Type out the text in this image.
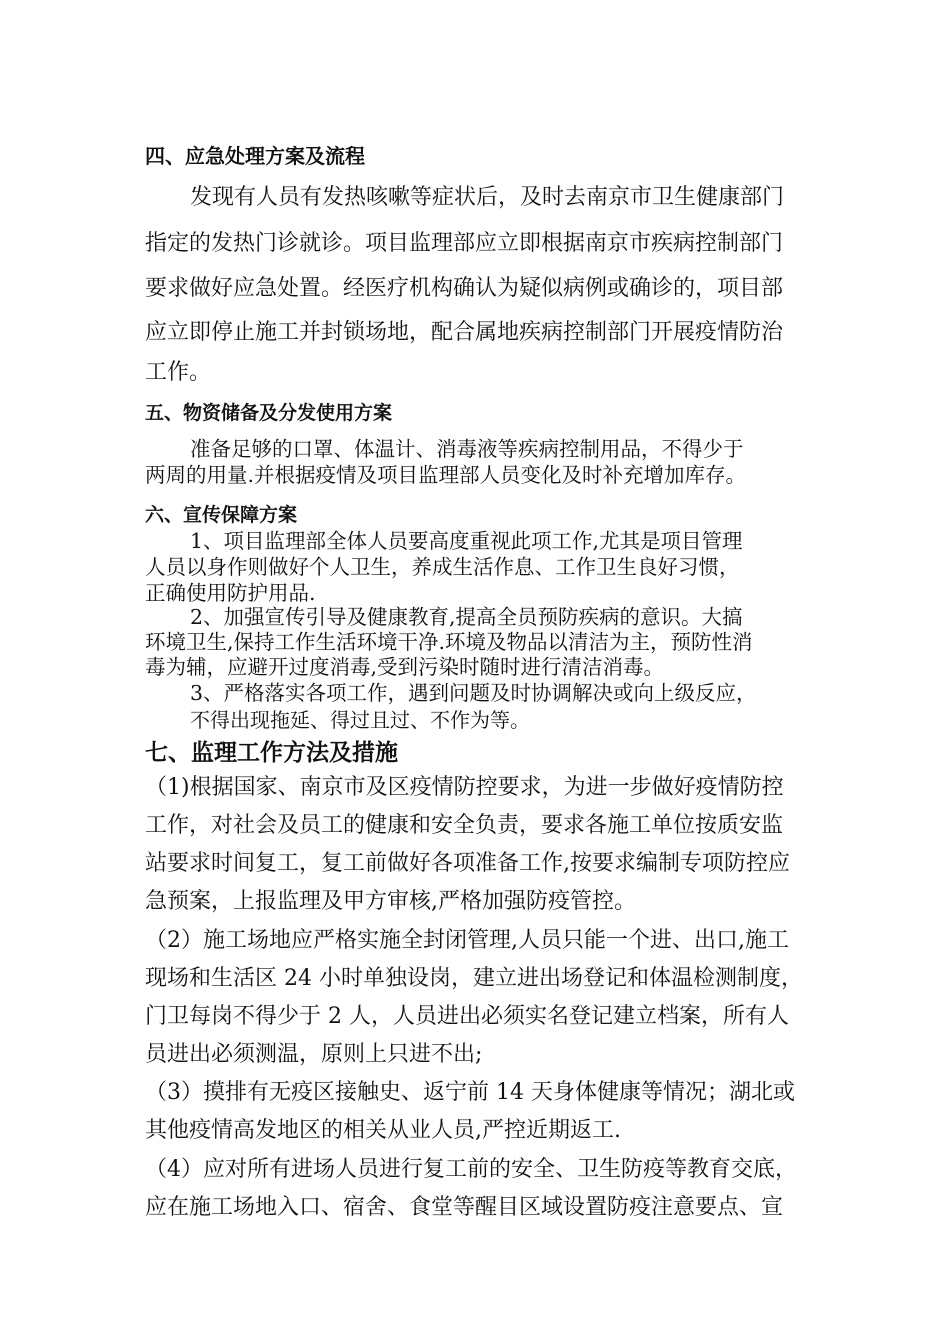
四、应急处理方案及流程
发现有人员有发热咳嗽等症状后，及时去南京市卫生健康部门
指定的发热门诊就诊。项目监理部应立即根据南京市疾病控制部门
要求做好应急处置。经医疗机构确认为疑似病例或确诊的，项目部
应立即停止施工并封锁场地，配合属地疾病控制部门开展疫情防治
工作。
五、物资储备及分发使用方案
准备足够的口罩、体温计、消毒液等疾病控制用品，不得少于
两周的用量.并根据疫情及项目监理部人员变化及时补充增加库存。
六、宣传保障方案
1、项目监理部全体人员要高度重视此项工作,尤其是项目管理
人员以身作则做好个人卫生，养成生活作息、工作卫生良好习惯，
正确使用防护用品.
2、加强宣传引导及健康教育,提高全员预防疾病的意识。大搞
环境卫生,保持工作生活环境干净.环境及物品以清洁为主，预防性消
毒为辅，应避开过度消毒,受到污染时随时进行清洁消毒。
3、严格落实各项工作，遇到问题及时协调解决或向上级反应，
不得出现拖延、得过且过、不作为等。
七、监理工作方法及措施
（1)根据国家、南京市及区疫情防控要求，为进一步做好疫情防控
工作，对社会及员工的健康和安全负责，要求各施工单位按质安监
站要求时间复工，复工前做好各项准备工作,按要求编制专项防控应
急预案，上报监理及甲方审核,严格加强防疫管控。
（2）施工场地应严格实施全封闭管理,人员只能一个进、出口,施工
现场和生活区 24 小时单独设岗，建立进出场登记和体温检测制度，
门卫每岗不得少于 2 人，人员进出必须实名登记建立档案，所有人
员进出必须测温，原则上只进不出;
（3）摸排有无疫区接触史、返宁前 14 天身体健康等情况；湖北或
其他疫情高发地区的相关从业人员,严控近期返工.
（4）应对所有进场人员进行复工前的安全、卫生防疫等教育交底，
应在施工场地入口、宿舍、食堂等醒目区域设置防疫注意要点、宣
